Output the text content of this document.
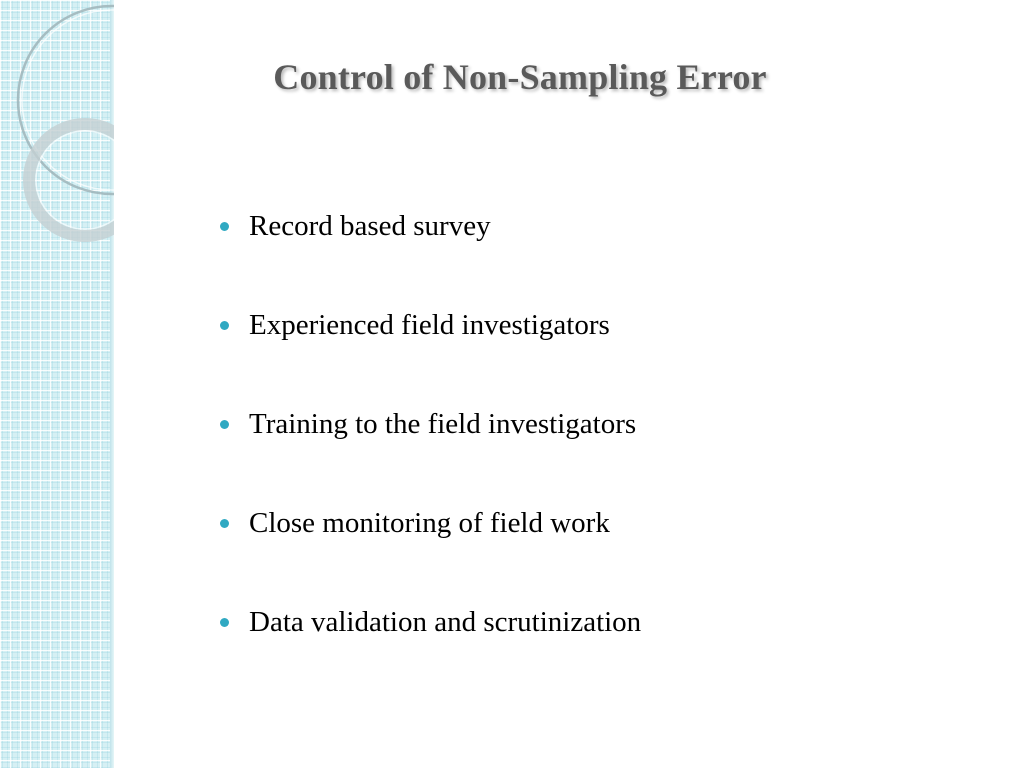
Control of Non-Sampling Error
Record based survey
Experienced field investigators
Training to the field investigators
Close monitoring of field work
Data validation and scrutinization
